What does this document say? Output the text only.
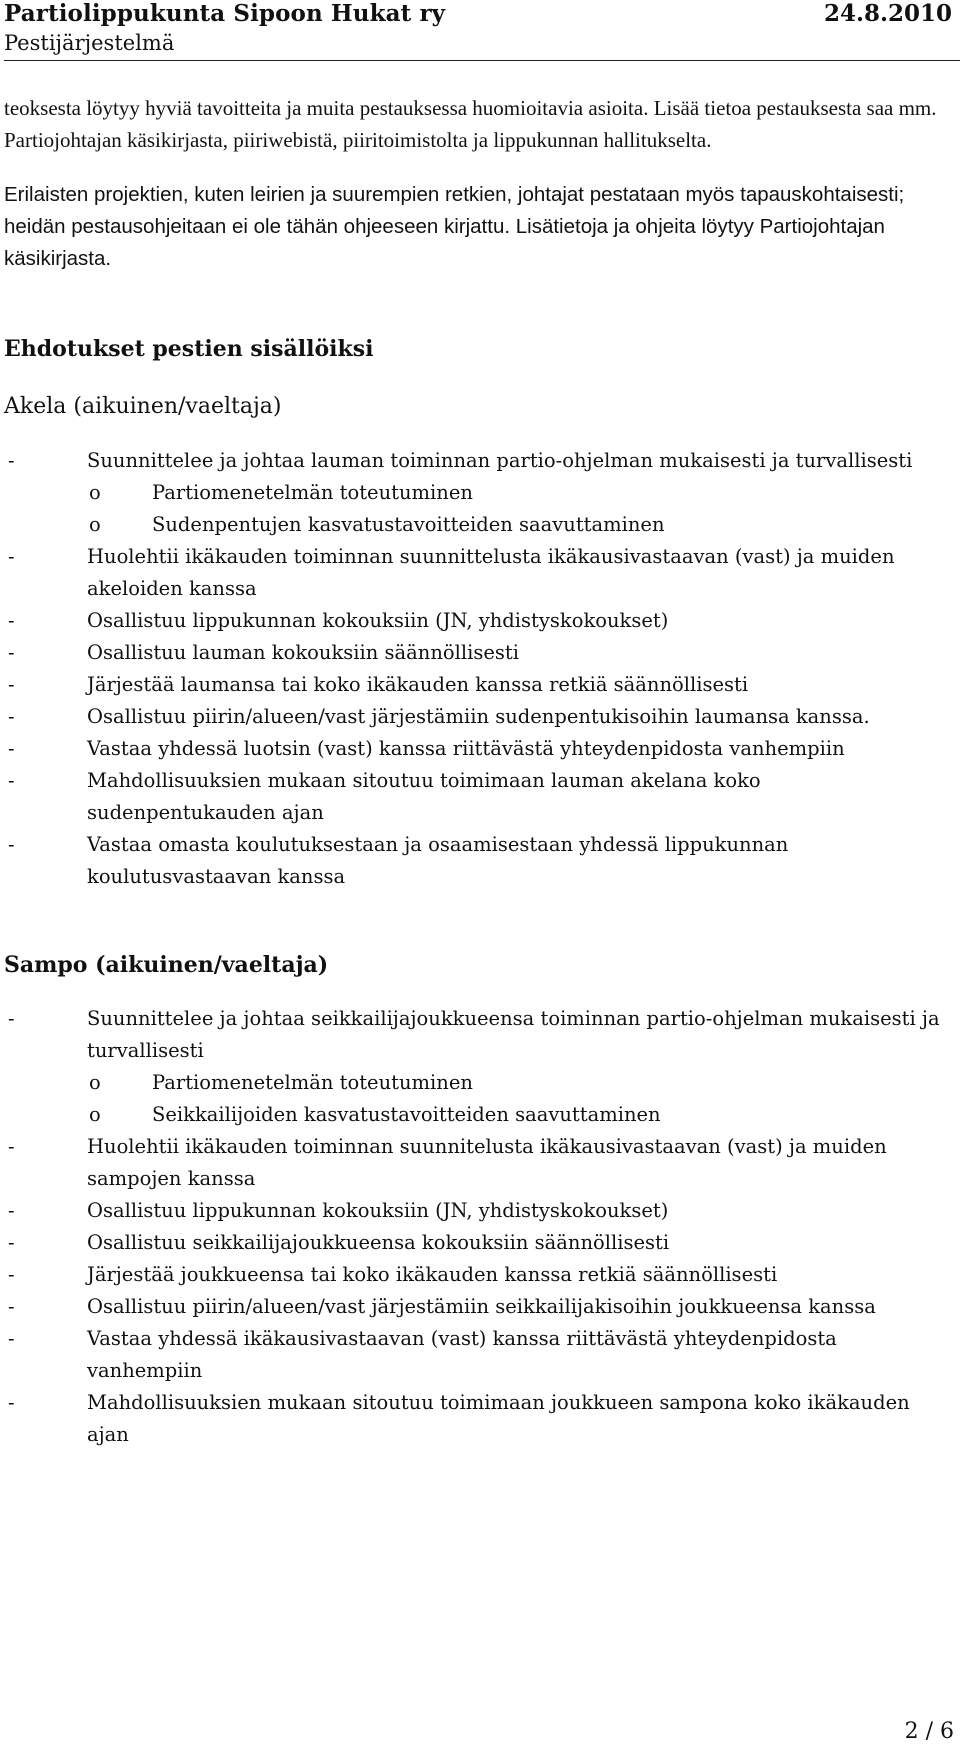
Partiolippukunta Sipoon Hukat ry	24.8.2010
Pestijärjestelmä

teoksesta löytyy hyviä tavoitteita ja muita pestauksessa huomioitavia asioita. Lisää tietoa pestauksesta saa mm. Partiojohtajan käsikirjasta, piiriwebistä, piiritoimistolta ja lippukunnan hallitukselta.

Erilaisten projektien, kuten leirien ja suurempien retkien, johtajat pestataan myös tapauskohtaisesti; heidän pestausohjeitaan ei ole tähän ohjeeseen kirjattu. Lisätietoja ja ohjeita löytyy Partiojohtajan käsikirjasta.

Ehdotukset pestien sisällöiksi
Akela (aikuinen/vaeltaja)
-	Suunnittelee ja johtaa lauman toiminnan partio-ohjelman mukaisesti ja turvallisesti
o	Partiomenetelmän toteutuminen
o	Sudenpentujen kasvatustavoitteiden saavuttaminen
-	Huolehtii ikäkauden toiminnan suunnittelusta ikäkausivastaavan (vast) ja muiden akeloiden kanssa
-	Osallistuu lippukunnan kokouksiin (JN, yhdistyskokoukset)
-	Osallistuu lauman kokouksiin säännöllisesti
-	Järjestää laumansa tai koko ikäkauden kanssa retkiä säännöllisesti
-	Osallistuu piirin/alueen/vast järjestämiin sudenpentukisoihin laumansa kanssa.
-	Vastaa yhdessä luotsin (vast) kanssa riittävästä yhteydenpidosta vanhempiin
-	Mahdollisuuksien mukaan sitoutuu toimimaan lauman akelana koko sudenpentukauden ajan
-	Vastaa omasta koulutuksestaan ja osaamisestaan yhdessä lippukunnan koulutusvastaavan kanssa
Sampo (aikuinen/vaeltaja)
-	Suunnittelee ja johtaa seikkailijajoukkueensa toiminnan partio-ohjelman mukaisesti ja turvallisesti
o	Partiomenetelmän toteutuminen
o	Seikkailijoiden kasvatustavoitteiden saavuttaminen
-	Huolehtii ikäkauden toiminnan suunnitelusta ikäkausivastaavan (vast) ja muiden sampojen kanssa
-	Osallistuu lippukunnan kokouksiin (JN, yhdistyskokoukset)
-	Osallistuu seikkailijajoukkueensa kokouksiin säännöllisesti
-	Järjestää joukkueensa tai koko ikäkauden kanssa retkiä säännöllisesti
-	Osallistuu piirin/alueen/vast järjestämiin seikkailijakisoihin joukkueensa kanssa
-	Vastaa yhdessä ikäkausivastaavan (vast) kanssa riittävästä yhteydenpidosta vanhempiin
-	Mahdollisuuksien mukaan sitoutuu toimimaan joukkueen sampona koko ikäkauden ajan
2 / 6
